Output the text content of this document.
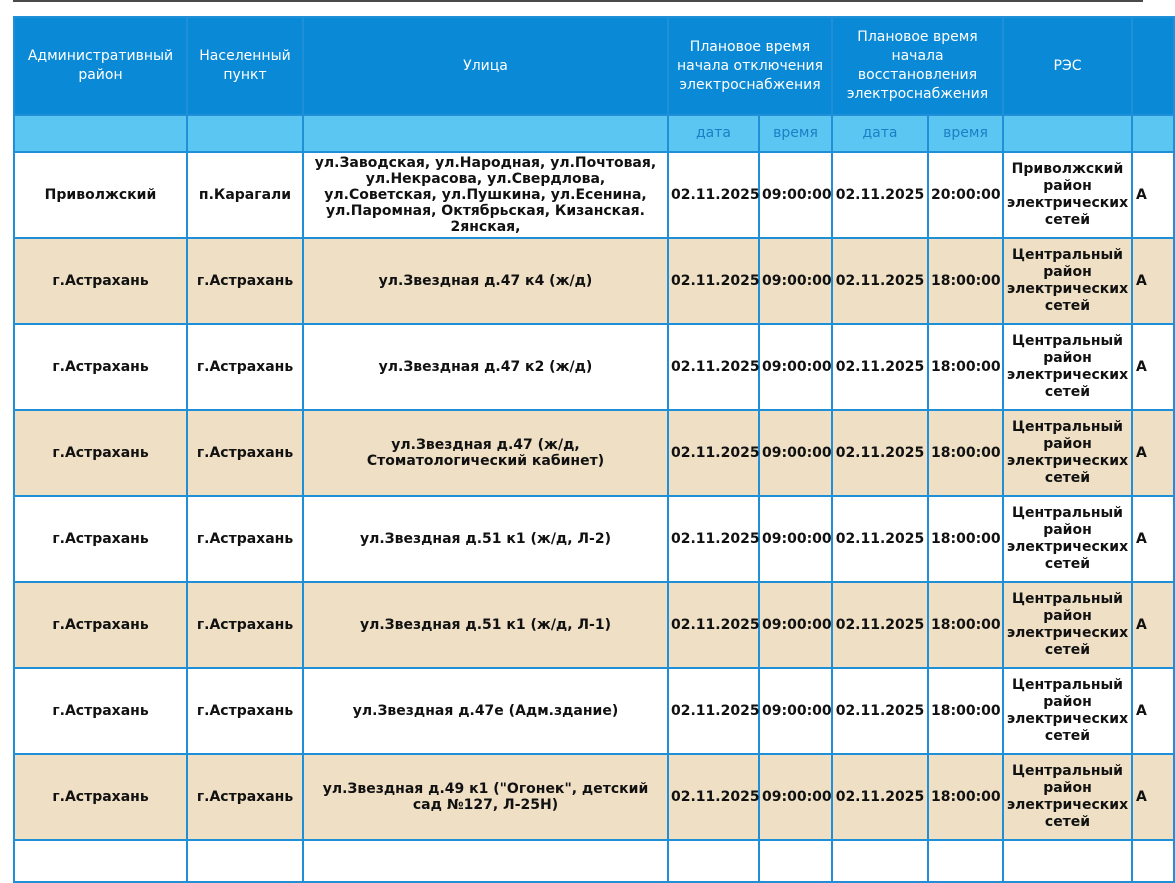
Административный район	Населенный пункт	Улица	Плановое время начала отключения электроснабжения		Плановое время начала восстановления электроснабжения		РЭС	
			дата	время	дата	время		
Приволжский	п.Карагали	ул.Заводская, ул.Народная, ул.Почтовая, ул.Некрасова, ул.Свердлова, ул.Советская, ул.Пушкина, ул.Есенина, ул.Паромная, Октябрьская, Кизанская. 2янская,	02.11.2025	09:00:00	02.11.2025	20:00:00	Приволжский район электрических сетей	А
г.Астрахань	г.Астрахань	ул.Звездная д.47 к4 (ж/д)	02.11.2025	09:00:00	02.11.2025	18:00:00	Центральный район электрических сетей	А
г.Астрахань	г.Астрахань	ул.Звездная д.47 к2 (ж/д)	02.11.2025	09:00:00	02.11.2025	18:00:00	Центральный район электрических сетей	А
г.Астрахань	г.Астрахань	ул.Звездная д.47 (ж/д, Стоматологический кабинет)	02.11.2025	09:00:00	02.11.2025	18:00:00	Центральный район электрических сетей	А
г.Астрахань	г.Астрахань	ул.Звездная д.51 к1 (ж/д, Л-2)	02.11.2025	09:00:00	02.11.2025	18:00:00	Центральный район электрических сетей	А
г.Астрахань	г.Астрахань	ул.Звездная д.51 к1 (ж/д, Л-1)	02.11.2025	09:00:00	02.11.2025	18:00:00	Центральный район электрических сетей	А
г.Астрахань	г.Астрахань	ул.Звездная д.47е (Адм.здание)	02.11.2025	09:00:00	02.11.2025	18:00:00	Центральный район электрических сетей	А
г.Астрахань	г.Астрахань	ул.Звездная д.49 к1 ("Огонек", детский сад №127, Л-25Н)	02.11.2025	09:00:00	02.11.2025	18:00:00	Центральный район электрических сетей	А
